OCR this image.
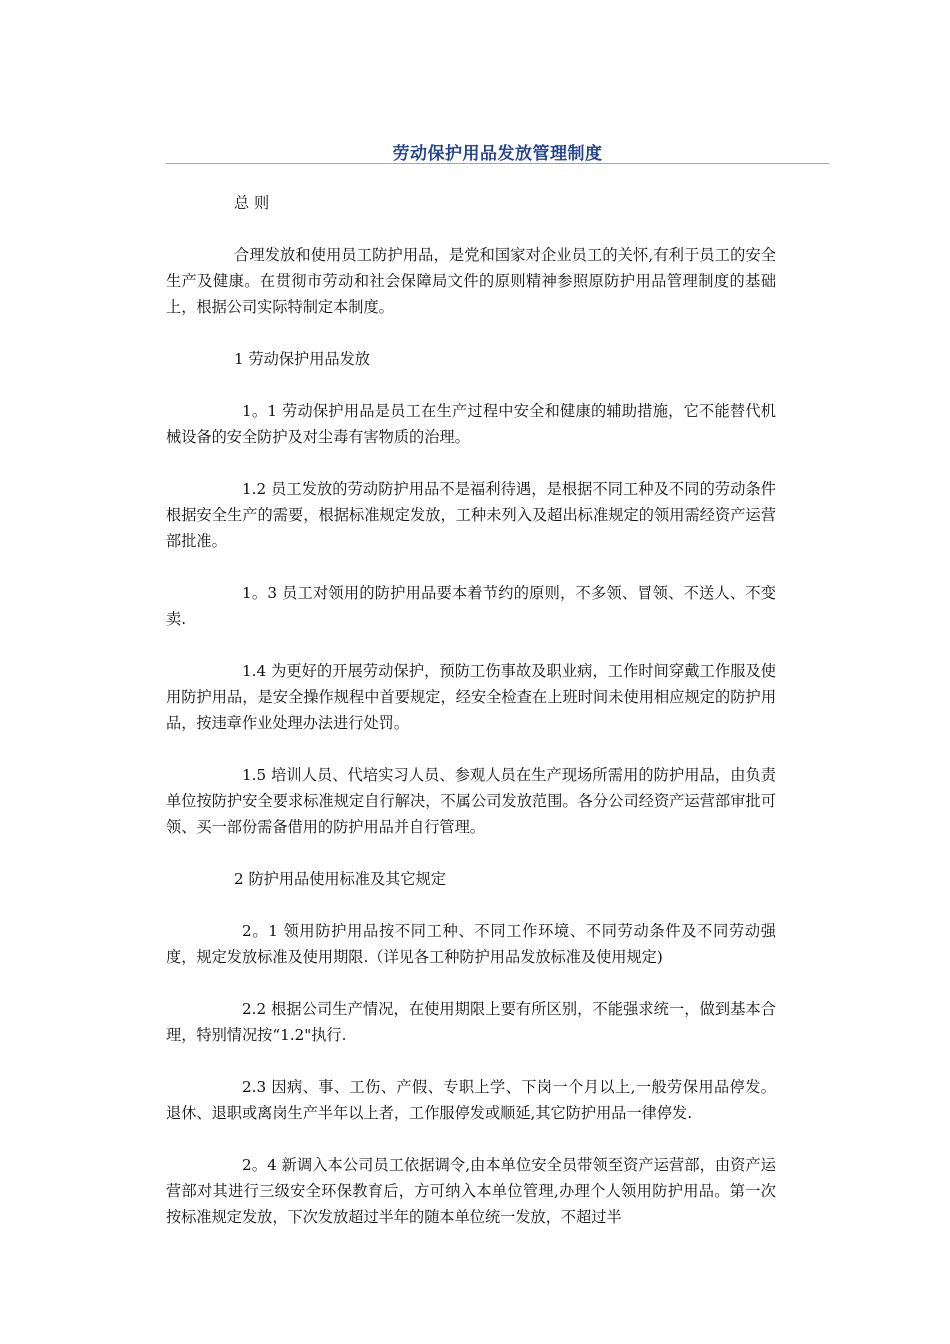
劳动保护用品发放管理制度

总 则

合理发放和使用员工防护用品，是党和国家对企业员工的关怀,有利于员工的安全生产及健康。在贯彻市劳动和社会保障局文件的原则精神参照原防护用品管理制度的基础上，根据公司实际特制定本制度。

1 劳动保护用品发放

1。1 劳动保护用品是员工在生产过程中安全和健康的辅助措施，它不能替代机械设备的安全防护及对尘毒有害物质的治理。

1.2 员工发放的劳动防护用品不是福利待遇，是根据不同工种及不同的劳动条件根据安全生产的需要，根据标准规定发放，工种未列入及超出标准规定的领用需经资产运营部批准。

1。3 员工对领用的防护用品要本着节约的原则，不多领、冒领、不送人、不变卖.

1.4 为更好的开展劳动保护，预防工伤事故及职业病，工作时间穿戴工作服及使用防护用品，是安全操作规程中首要规定，经安全检查在上班时间未使用相应规定的防护用品，按违章作业处理办法进行处罚。

1.5 培训人员、代培实习人员、参观人员在生产现场所需用的防护用品，由负责单位按防护安全要求标准规定自行解决，不属公司发放范围。各分公司经资产运营部审批可领、买一部份需备借用的防护用品并自行管理。

2 防护用品使用标准及其它规定

2。1 领用防护用品按不同工种、不同工作环境、不同劳动条件及不同劳动强度，规定发放标准及使用期限.（详见各工种防护用品发放标准及使用规定)

2.2 根据公司生产情况，在使用期限上要有所区别，不能强求统一，做到基本合理，特别情况按“1.2"执行.

2.3 因病、事、工伤、产假、专职上学、下岗一个月以上,一般劳保用品停发。退休、退职或离岗生产半年以上者，工作服停发或顺延,其它防护用品一律停发.

2。4 新调入本公司员工依据调令,由本单位安全员带领至资产运营部，由资产运营部对其进行三级安全环保教育后，方可纳入本单位管理,办理个人领用防护用品。第一次按标准规定发放，下次发放超过半年的随本单位统一发放，不超过半
